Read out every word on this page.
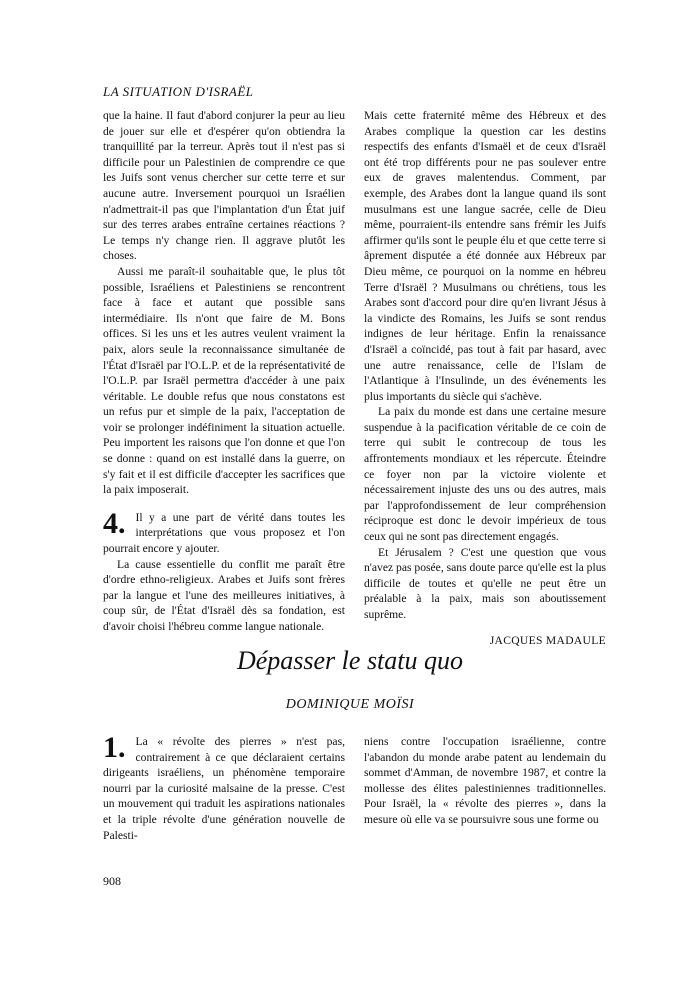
LA SITUATION D'ISRAËL

que la haine. Il faut d'abord conjurer la peur au lieu de jouer sur elle et d'espérer qu'on obtiendra la tranquillité par la terreur. Après tout il n'est pas si difficile pour un Palestinien de comprendre ce que les Juifs sont venus chercher sur cette terre et sur aucune autre. Inversement pourquoi un Israélien n'admettrait-il pas que l'implantation d'un État juif sur des terres arabes entraîne certaines réactions ? Le temps n'y change rien. Il aggrave plutôt les choses.

Aussi me paraît-il souhaitable que, le plus tôt possible, Israéliens et Palestiniens se rencontrent face à face et autant que possible sans intermédiaire. Ils n'ont que faire de M. Bons offices. Si les uns et les autres veulent vraiment la paix, alors seule la reconnaissance simultanée de l'État d'Israël par l'O.L.P. et de la représentativité de l'O.L.P. par Israël permettra d'accéder à une paix véritable. Le double refus que nous constatons est un refus pur et simple de la paix, l'acceptation de voir se prolonger indéfiniment la situation actuelle. Peu importent les raisons que l'on donne et que l'on se donne : quand on est installé dans la guerre, on s'y fait et il est difficile d'accepter les sacrifices que la paix imposerait.

4. Il y a une part de vérité dans toutes les interprétations que vous proposez et l'on pourrait encore y ajouter.

La cause essentielle du conflit me paraît être d'ordre ethno-religieux. Arabes et Juifs sont frères par la langue et l'une des meilleures initiatives, à coup sûr, de l'État d'Israël dès sa fondation, est d'avoir choisi l'hébreu comme langue nationale.

Mais cette fraternité même des Hébreux et des Arabes complique la question car les destins respectifs des enfants d'Ismaël et de ceux d'Israël ont été trop différents pour ne pas soulever entre eux de graves malentendus. Comment, par exemple, des Arabes dont la langue quand ils sont musulmans est une langue sacrée, celle de Dieu même, pourraient-ils entendre sans frémir les Juifs affirmer qu'ils sont le peuple élu et que cette terre si âprement disputée a été donnée aux Hébreux par Dieu même, ce pourquoi on la nomme en hébreu Terre d'Israël ? Musulmans ou chrétiens, tous les Arabes sont d'accord pour dire qu'en livrant Jésus à la vindicte des Romains, les Juifs se sont rendus indignes de leur héritage. Enfin la renaissance d'Israël a coïncidé, pas tout à fait par hasard, avec une autre renaissance, celle de l'Islam de l'Atlantique à l'Insulinde, un des événements les plus importants du siècle qui s'achève.

La paix du monde est dans une certaine mesure suspendue à la pacification véritable de ce coin de terre qui subit le contrecoup de tous les affrontements mondiaux et les répercute. Éteindre ce foyer non par la victoire violente et nécessairement injuste des uns ou des autres, mais par l'approfondissement de leur compréhension réciproque est donc le devoir impérieux de tous ceux qui ne sont pas directement engagés.

Et Jérusalem ? C'est une question que vous n'avez pas posée, sans doute parce qu'elle est la plus difficile de toutes et qu'elle ne peut être un préalable à la paix, mais son aboutissement suprême.

JACQUES MADAULE

Dépasser le statu quo
DOMINIQUE MOÏSI

1. La « révolte des pierres » n'est pas, contrairement à ce que déclaraient certains dirigeants israéliens, un phénomène temporaire nourri par la curiosité malsaine de la presse. C'est un mouvement qui traduit les aspirations nationales et la triple révolte d'une génération nouvelle de Palesti-

niens contre l'occupation israélienne, contre l'abandon du monde arabe patent au lendemain du sommet d'Amman, de novembre 1987, et contre la mollesse des élites palestiniennes traditionnelles. Pour Israël, la « révolte des pierres », dans la mesure où elle va se poursuivre sous une forme ou

908
